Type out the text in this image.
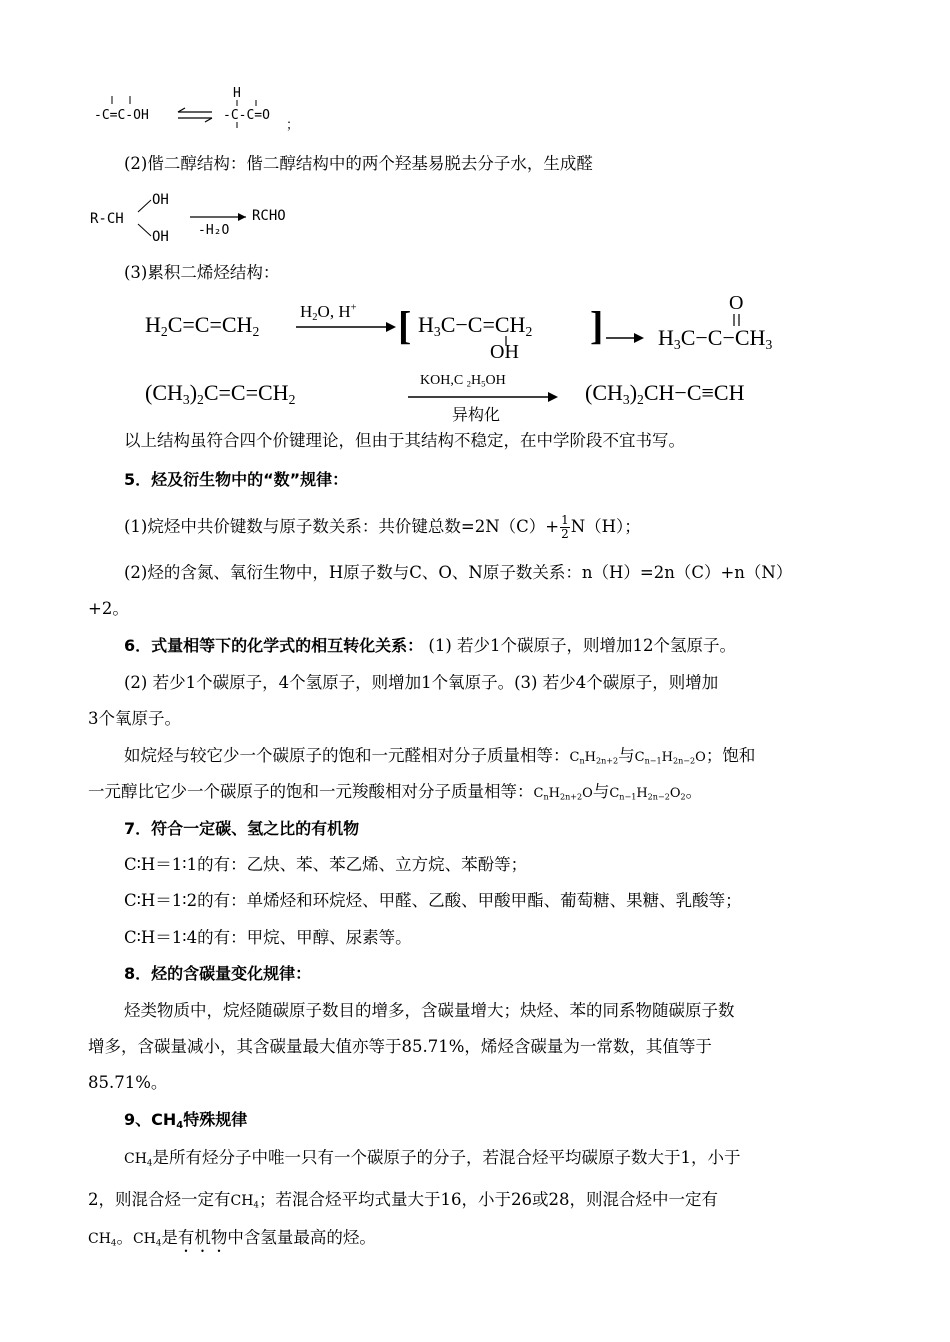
-C=C-OH
H
-C-C=O
；
(2)偕二醇结构：偕二醇结构中的两个羟基易脱去分子水，生成醛
R-CH
OH
OH -H₂O
RCHO
(3)累积二烯烃结构：
$H_2C=C=CH_2$
$H_2O$, H+ [ $H_3C-C=CH_2$
OH
] →
O
$H_3C-C-CH_3$
$(CH_3)_2C=C=CH_2$
KOH,C $_2H_5OH$
异构化
$(CH_3)_2CH-C\equiv CH$
以上结构虽符合四个价键理论，但由于其结构不稳定，在中学阶段不宜书写。
5．烃及衍生物中的“数”规律：
(1)烷烃中共价键数与原子数关系：共价键总数$=2N(C)+ \frac{1}{2} N(H)$；
(2)烃的含氮、氧衍生物中，H原子数与C、O、N原子数关系：n（H）=2n（C）+n（N）
+2。
6．式量相等下的化学式的相互转化关系： (1) 若少1个碳原子，则增加12个氢原子。
(2) 若少1个碳原子，4个氢原子，则增加1个氧原子。(3) 若少4个碳原子，则增加
3个氧原子。
如烷烃与较它少一个碳原子的饱和一元醛相对分子质量相等：$C_nH_{2n+2}$与$C_{n-1}H_{2n-2}O$；饱和
一元醇比它少一个碳原子的饱和一元羧酸相对分子质量相等：$C_nH_{2n+2}O$与$C_{n-1}H_{2n-2}O_2$。
7．符合一定碳、氢之比的有机物
C∶H＝1∶1的有：乙炔、苯、苯乙烯、立方烷、苯酚等；
C∶H＝1∶2的有：单烯烃和环烷烃、甲醛、乙酸、甲酸甲酯、葡萄糖、果糖、乳酸等；
C∶H＝1∶4的有：甲烷、甲醇、尿素等。
8．烃的含碳量变化规律：
烃类物质中，烷烃随碳原子数目的增多，含碳量增大；炔烃、苯的同系物随碳原子数
增多，含碳量减小，其含碳量最大值亦等于85.71%，烯烃含碳量为一常数，其值等于
85.71%。
9、$CH_4$特殊规律
$CH_4$是所有烃分子中唯一只有一个碳原子的分子，若混合烃平均碳原子数大于1，小于
2，则混合烃一定有$CH_4$；若混合烃平均式量大于16，小于26或28，则混合烃中一定有
$CH_4$。$CH_4$是有机物中含氢量最高的烃。
